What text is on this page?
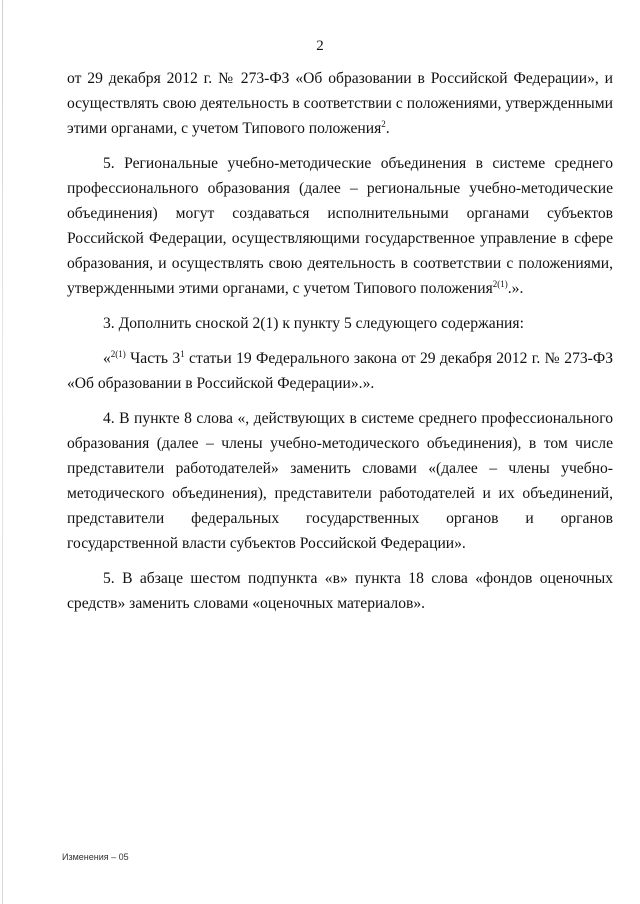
2

от 29 декабря 2012 г. № 273-ФЗ «Об образовании в Российской Федерации», и осуществлять свою деятельность в соответствии с положениями, утвержденными этими органами, с учетом Типового положения$^2$.

5. Региональные учебно-методические объединения в системе среднего профессионального образования (далее – региональные учебно-методические объединения) могут создаваться исполнительными органами субъектов Российской Федерации, осуществляющими государственное управление в сфере образования, и осуществлять свою деятельность в соответствии с положениями, утвержденными этими органами, с учетом Типового положения$^{2(1)}$.».

3. Дополнить сноской 2(1) к пункту 5 следующего содержания:

«$^{2(1)}$ Часть $3^1$ статьи 19 Федерального закона от 29 декабря 2012 г. № 273-ФЗ «Об образовании в Российской Федерации».».

4. В пункте 8 слова «, действующих в системе среднего профессионального образования (далее – члены учебно-методического объединения), в том числе представители работодателей» заменить словами «(далее – члены учебно-методического объединения), представители работодателей и их объединений, представители федеральных государственных органов и органов государственной власти субъектов Российской Федерации».

5. В абзаце шестом подпункта «в» пункта 18 слова «фондов оценочных средств» заменить словами «оценочных материалов».

Изменения – 05
